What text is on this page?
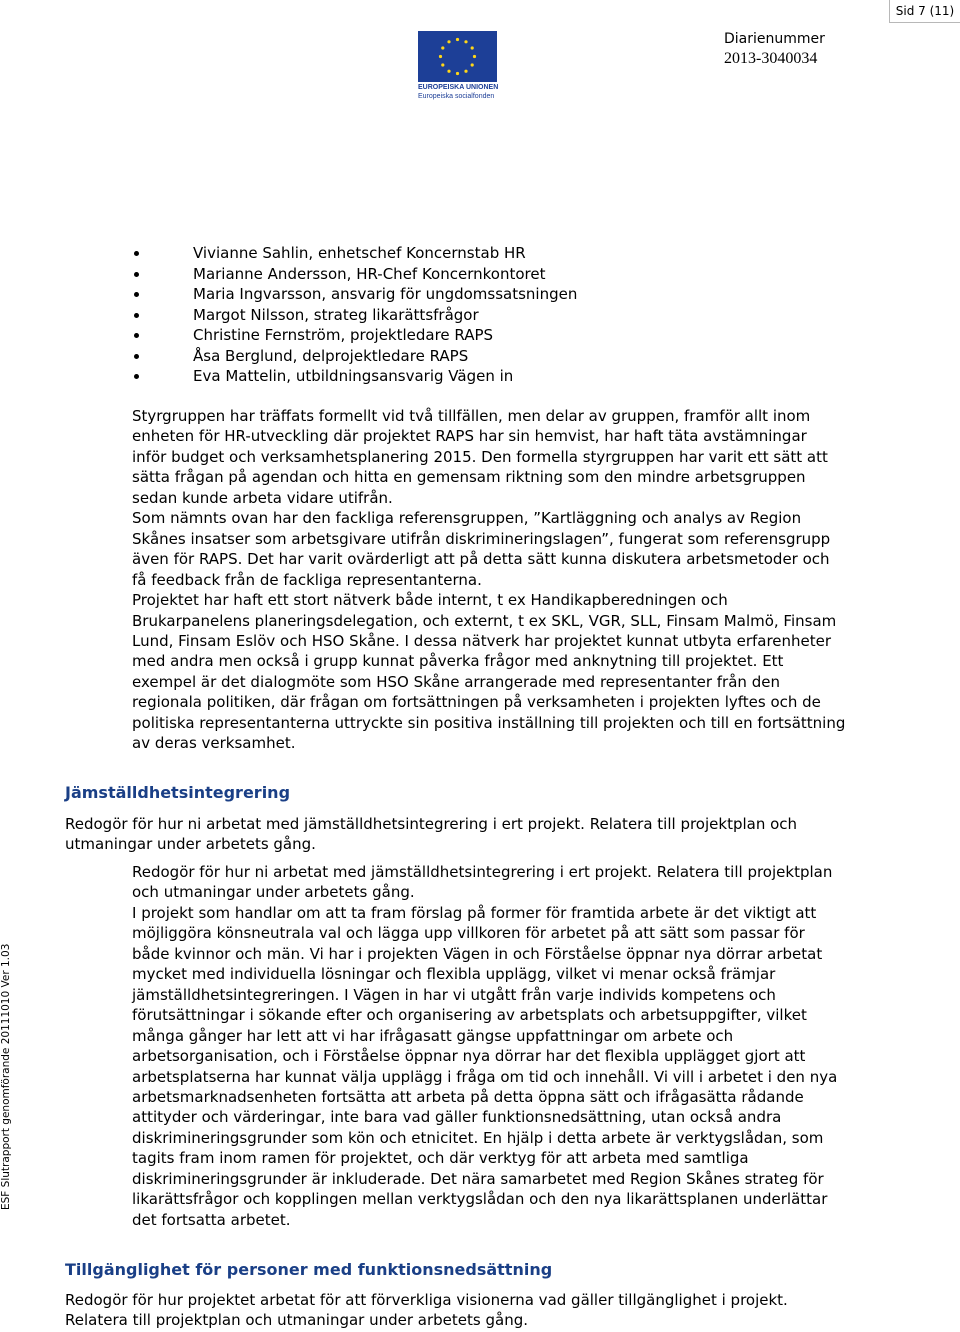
Sid 7 (11)
EUROPEISKA UNIONEN
Europeiska socialfonden
Diarienummer
2013-3040034
ESF Slutrapport genomförande 20111010 Ver 1.03
Vivianne Sahlin, enhetschef Koncernstab HR
Marianne Andersson, HR-Chef Koncernkontoret
Maria Ingvarsson, ansvarig för ungdomssatsningen
Margot Nilsson, strateg likarättsfrågor
Christine Fernström, projektledare RAPS
Åsa Berglund, delprojektledare RAPS
Eva Mattelin, utbildningsansvarig Vägen in

Styrgruppen har träffats formellt vid två tillfällen, men delar av gruppen, framför allt inom

enheten för HR-utveckling där projektet RAPS har sin hemvist, har haft täta avstämningar

inför budget och verksamhetsplanering 2015. Den formella styrgruppen har varit ett sätt att

sätta frågan på agendan och hitta en gemensam riktning som den mindre arbetsgruppen

sedan kunde arbeta vidare utifrån.

Som nämnts ovan har den fackliga referensgruppen, ”Kartläggning och analys av Region

Skånes insatser som arbetsgivare utifrån diskrimineringslagen”, fungerat som referensgrupp

även för RAPS. Det har varit ovärderligt att på detta sätt kunna diskutera arbetsmetoder och

få feedback från de fackliga representanterna.

Projektet har haft ett stort nätverk både internt, t ex Handikapberedningen och

Brukarpanelens planeringsdelegation, och externt, t ex SKL, VGR, SLL, Finsam Malmö, Finsam

Lund, Finsam Eslöv och HSO Skåne. I dessa nätverk har projektet kunnat utbyta erfarenheter

med andra men också i grupp kunnat påverka frågor med anknytning till projektet. Ett

exempel är det dialogmöte som HSO Skåne arrangerade med representanter från den

regionala politiken, där frågan om fortsättningen på verksamheten i projekten lyftes och de

politiska representanterna uttryckte sin positiva inställning till projekten och till en fortsättning

av deras verksamhet.

Jämställdhetsintegrering

Redogör för hur ni arbetat med jämställdhetsintegrering i ert projekt. Relatera till projektplan och

utmaningar under arbetets gång.

Redogör för hur ni arbetat med jämställdhetsintegrering i ert projekt. Relatera till projektplan

och utmaningar under arbetets gång.

I projekt som handlar om att ta fram förslag på former för framtida arbete är det viktigt att

möjliggöra könsneutrala val och lägga upp villkoren för arbetet på att sätt som passar för

både kvinnor och män. Vi har i projekten Vägen in och Förståelse öppnar nya dörrar arbetat

mycket med individuella lösningar och flexibla upplägg, vilket vi menar också främjar

jämställdhetsintegreringen. I Vägen in har vi utgått från varje individs kompetens och

förutsättningar i sökande efter och organisering av arbetsplats och arbetsuppgifter, vilket

många gånger har lett att vi har ifrågasatt gängse uppfattningar om arbete och

arbetsorganisation, och i Förståelse öppnar nya dörrar har det flexibla upplägget gjort att

arbetsplatserna har kunnat välja upplägg i fråga om tid och innehåll. Vi vill i arbetet i den nya

arbetsmarknadsenheten fortsätta att arbeta på detta öppna sätt och ifrågasätta rådande

attityder och värderingar, inte bara vad gäller funktionsnedsättning, utan också andra

diskrimineringsgrunder som kön och etnicitet. En hjälp i detta arbete är verktygslådan, som

tagits fram inom ramen för projektet, och där verktyg för att arbeta med samtliga

diskrimineringsgrunder är inkluderade. Det nära samarbetet med Region Skånes strateg för

likarättsfrågor och kopplingen mellan verktygslådan och den nya likarättsplanen underlättar

det fortsatta arbetet.

Tillgänglighet för personer med funktionsnedsättning

Redogör för hur projektet arbetat för att förverkliga visionerna vad gäller tillgänglighet i projekt.

Relatera till projektplan och utmaningar under arbetets gång.
